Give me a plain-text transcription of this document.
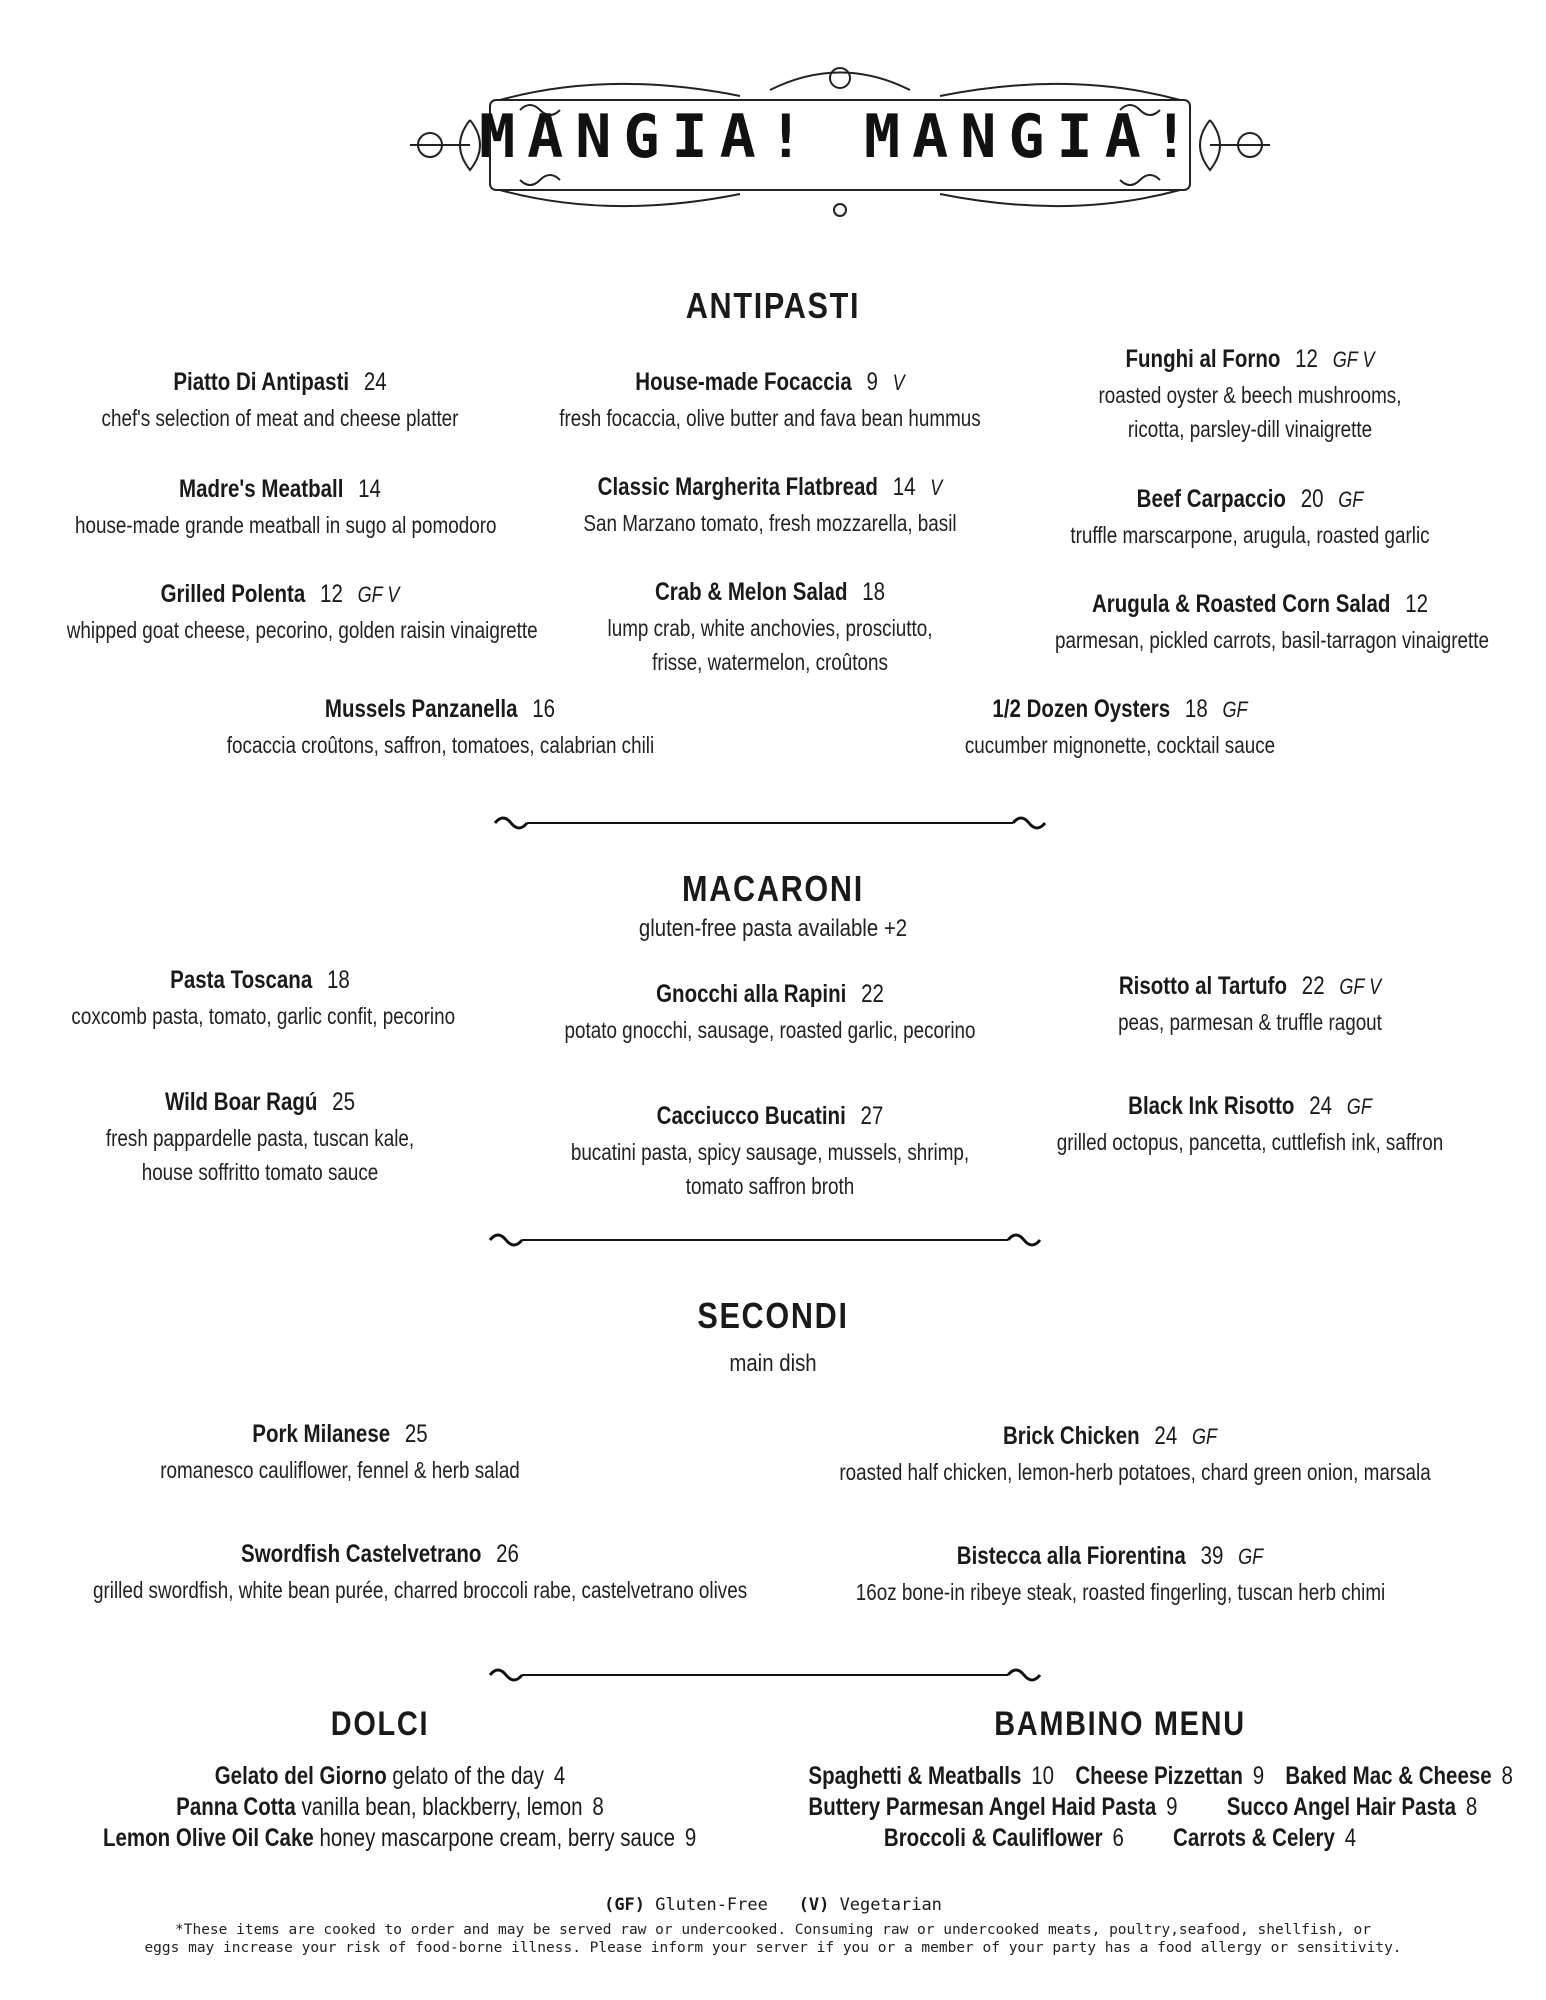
MANGIA! MANGIA!
ANTIPASTI
Piatto Di Antipasti 24
chef's selection of meat and cheese platter
House-made Focaccia 9 V
fresh focaccia, olive butter and fava bean hummus
Funghi al Forno 12 GF V
roasted oyster & beech mushrooms,
ricotta, parsley-dill vinaigrette
Madre's Meatball 14
house-made grande meatball in sugo al pomodoro
Classic Margherita Flatbread 14 V
San Marzano tomato, fresh mozzarella, basil
Beef Carpaccio 20 GF
truffle marscarpone, arugula, roasted garlic
Grilled Polenta 12 GF V
whipped goat cheese, pecorino, golden raisin vinaigrette
Crab & Melon Salad 18
lump crab, white anchovies, prosciutto,
frisse, watermelon, croûtons
Arugula & Roasted Corn Salad 12
parmesan, pickled carrots, basil-tarragon vinaigrette
Mussels Panzanella 16
focaccia croûtons, saffron, tomatoes, calabrian chili
1/2 Dozen Oysters 18 GF
cucumber mignonette, cocktail sauce
MACARONI
gluten-free pasta available +2
Pasta Toscana 18
coxcomb pasta, tomato, garlic confit, pecorino
Gnocchi alla Rapini 22
potato gnocchi, sausage, roasted garlic, pecorino
Risotto al Tartufo 22 GF V
peas, parmesan & truffle ragout
Wild Boar Ragú 25
fresh pappardelle pasta, tuscan kale,
house soffritto tomato sauce
Cacciucco Bucatini 27
bucatini pasta, spicy sausage, mussels, shrimp,
tomato saffron broth
Black Ink Risotto 24 GF
grilled octopus, pancetta, cuttlefish ink, saffron
SECONDI
main dish
Pork Milanese 25
romanesco cauliflower, fennel & herb salad
Brick Chicken 24 GF
roasted half chicken, lemon-herb potatoes, chard green onion, marsala
Swordfish Castelvetrano 26
grilled swordfish, white bean purée, charred broccoli rabe, castelvetrano olives
Bistecca alla Fiorentina 39 GF
16oz bone-in ribeye steak, roasted fingerling, tuscan herb chimi
DOLCI
Gelato del Giorno gelato of the day 4
Panna Cotta vanilla bean, blackberry, lemon 8
Lemon Olive Oil Cake honey mascarpone cream, berry sauce 9
BAMBINO MENU
Spaghetti & Meatballs 10 Cheese Pizzettan 9 Baked Mac & Cheese 8
Buttery Parmesan Angel Haid Pasta 9 Succo Angel Hair Pasta 8
Broccoli & Cauliflower 6 Carrots & Celery 4
(GF) Gluten-Free (V) Vegetarian
*These items are cooked to order and may be served raw or undercooked. Consuming raw or undercooked meats, poultry,seafood, shellfish, or
eggs may increase your risk of food-borne illness. Please inform your server if you or a member of your party has a food allergy or sensitivity.
